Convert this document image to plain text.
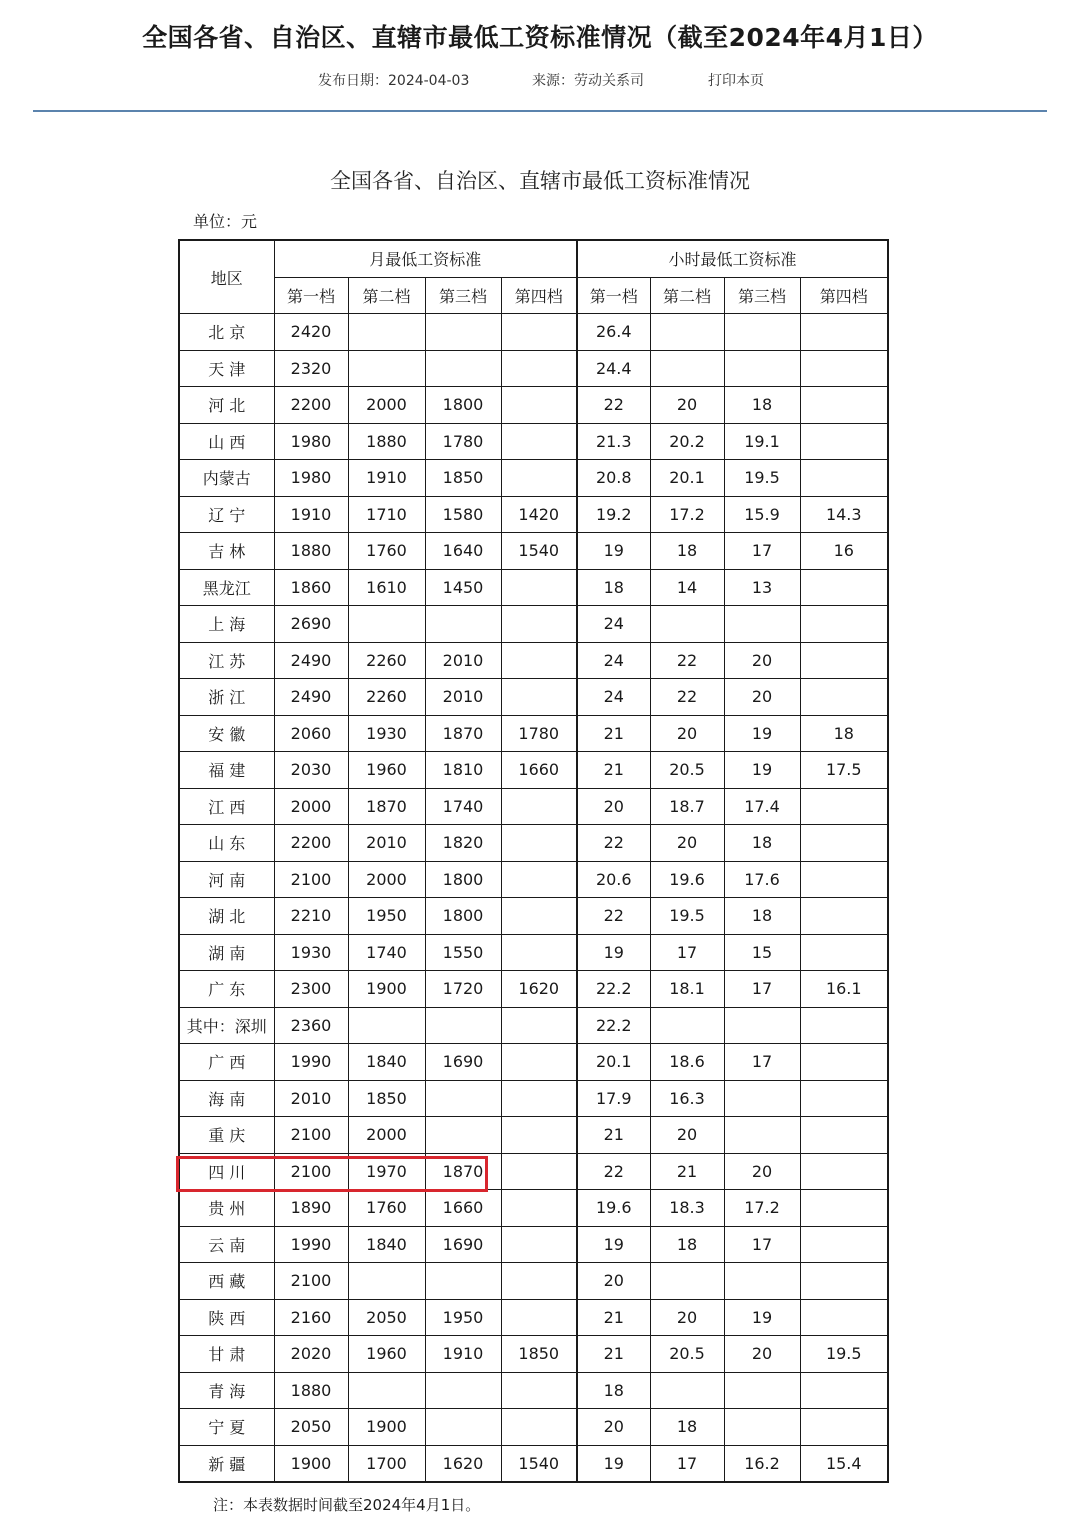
全国各省、自治区、直辖市最低工资标准情况（截至2024年4月1日）
发布日期：2024-04-03	来源：劳动关系司	打印本页
全国各省、自治区、直辖市最低工资标准情况
单位：元
地区	月最低工资标准				小时最低工资标准			
	第一档	第二档	第三档	第四档	第一档	第二档	第三档	第四档
北 京	2420				26.4			
天 津	2320				24.4			
河 北	2200	2000	1800		22	20	18	
山 西	1980	1880	1780		21.3	20.2	19.1	
内蒙古	1980	1910	1850		20.8	20.1	19.5	
辽 宁	1910	1710	1580	1420	19.2	17.2	15.9	14.3
吉 林	1880	1760	1640	1540	19	18	17	16
黑龙江	1860	1610	1450		18	14	13	
上 海	2690				24			
江 苏	2490	2260	2010		24	22	20	
浙 江	2490	2260	2010		24	22	20	
安 徽	2060	1930	1870	1780	21	20	19	18
福 建	2030	1960	1810	1660	21	20.5	19	17.5
江 西	2000	1870	1740		20	18.7	17.4	
山 东	2200	2010	1820		22	20	18	
河 南	2100	2000	1800		20.6	19.6	17.6	
湖 北	2210	1950	1800		22	19.5	18	
湖 南	1930	1740	1550		19	17	15	
广 东	2300	1900	1720	1620	22.2	18.1	17	16.1
其中：深圳	2360				22.2			
广 西	1990	1840	1690		20.1	18.6	17	
海 南	2010	1850			17.9	16.3		
重 庆	2100	2000			21	20		
四 川	2100	1970	1870		22	21	20	
贵 州	1890	1760	1660		19.6	18.3	17.2	
云 南	1990	1840	1690		19	18	17	
西 藏	2100				20			
陕 西	2160	2050	1950		21	20	19	
甘 肃	2020	1960	1910	1850	21	20.5	20	19.5
青 海	1880				18			
宁 夏	2050	1900			20	18		
新 疆	1900	1700	1620	1540	19	17	16.2	15.4
注：本表数据时间截至2024年4月1日。
